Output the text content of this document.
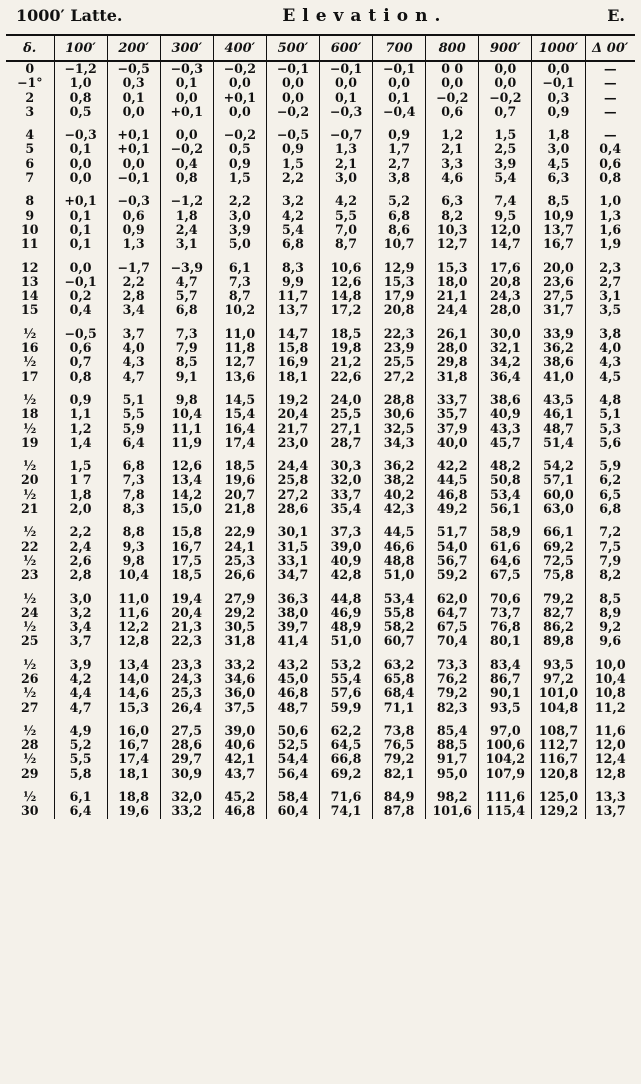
1000′ Latte.	Elevation.	E.
δ.	100′	200′	300′	400′	500′	600′	700	800	900′	1000′	Δ 00′
0	−1,2	−0,5	−0,3	−0,2	−0,1	−0,1	−0,1	0 0	0,0	0,0	—
−1°	1,0	0,3	0,1	0,0	0,0	0,0	0,0	0,0	0,0	−0,1	—
2	0,8	0,1	0,0	+0,1	0,0	0,1	0,1	−0,2	−0,2	0,3	—
3	0,5	0,0	+0,1	0,0	−0,2	−0,3	−0,4	0,6	0,7	0,9	—

4	−0,3	+0,1	0,0	−0,2	−0,5	−0,7	0,9	1,2	1,5	1,8	—
5	0,1	+0,1	−0,2	0,5	0,9	1,3	1,7	2,1	2,5	3,0	0,4
6	0,0	0,0	0,4	0,9	1,5	2,1	2,7	3,3	3,9	4,5	0,6
7	0,0	−0,1	0,8	1,5	2,2	3,0	3,8	4,6	5,4	6,3	0,8

8	+0,1	−0,3	−1,2	2,2	3,2	4,2	5,2	6,3	7,4	8,5	1,0
9	0,1	0,6	1,8	3,0	4,2	5,5	6,8	8,2	9,5	10,9	1,3
10	0,1	0,9	2,4	3,9	5,4	7,0	8,6	10,3	12,0	13,7	1,6
11	0,1	1,3	3,1	5,0	6,8	8,7	10,7	12,7	14,7	16,7	1,9

12	0,0	−1,7	−3,9	6,1	8,3	10,6	12,9	15,3	17,6	20,0	2,3
13	−0,1	2,2	4,7	7,3	9,9	12,6	15,3	18,0	20,8	23,6	2,7
14	0,2	2,8	5,7	8,7	11,7	14,8	17,9	21,1	24,3	27,5	3,1
15	0,4	3,4	6,8	10,2	13,7	17,2	20,8	24,4	28,0	31,7	3,5

½	−0,5	3,7	7,3	11,0	14,7	18,5	22,3	26,1	30,0	33,9	3,8
16	0,6	4,0	7,9	11,8	15,8	19,8	23,9	28,0	32,1	36,2	4,0
½	0,7	4,3	8,5	12,7	16,9	21,2	25,5	29,8	34,2	38,6	4,3
17	0,8	4,7	9,1	13,6	18,1	22,6	27,2	31,8	36,4	41,0	4,5

½	0,9	5,1	9,8	14,5	19,2	24,0	28,8	33,7	38,6	43,5	4,8
18	1,1	5,5	10,4	15,4	20,4	25,5	30,6	35,7	40,9	46,1	5,1
½	1,2	5,9	11,1	16,4	21,7	27,1	32,5	37,9	43,3	48,7	5,3
19	1,4	6,4	11,9	17,4	23,0	28,7	34,3	40,0	45,7	51,4	5,6

½	1,5	6,8	12,6	18,5	24,4	30,3	36,2	42,2	48,2	54,2	5,9
20	1 7	7,3	13,4	19,6	25,8	32,0	38,2	44,5	50,8	57,1	6,2
½	1,8	7,8	14,2	20,7	27,2	33,7	40,2	46,8	53,4	60,0	6,5
21	2,0	8,3	15,0	21,8	28,6	35,4	42,3	49,2	56,1	63,0	6,8

½	2,2	8,8	15,8	22,9	30,1	37,3	44,5	51,7	58,9	66,1	7,2
22	2,4	9,3	16,7	24,1	31,5	39,0	46,6	54,0	61,6	69,2	7,5
½	2,6	9,8	17,5	25,3	33,1	40,9	48,8	56,7	64,6	72,5	7,9
23	2,8	10,4	18,5	26,6	34,7	42,8	51,0	59,2	67,5	75,8	8,2

½	3,0	11,0	19,4	27,9	36,3	44,8	53,4	62,0	70,6	79,2	8,5
24	3,2	11,6	20,4	29,2	38,0	46,9	55,8	64,7	73,7	82,7	8,9
½	3,4	12,2	21,3	30,5	39,7	48,9	58,2	67,5	76,8	86,2	9,2
25	3,7	12,8	22,3	31,8	41,4	51,0	60,7	70,4	80,1	89,8	9,6

½	3,9	13,4	23,3	33,2	43,2	53,2	63,2	73,3	83,4	93,5	10,0
26	4,2	14,0	24,3	34,6	45,0	55,4	65,8	76,2	86,7	97,2	10,4
½	4,4	14,6	25,3	36,0	46,8	57,6	68,4	79,2	90,1	101,0	10,8
27	4,7	15,3	26,4	37,5	48,7	59,9	71,1	82,3	93,5	104,8	11,2

½	4,9	16,0	27,5	39,0	50,6	62,2	73,8	85,4	97,0	108,7	11,6
28	5,2	16,7	28,6	40,6	52,5	64,5	76,5	88,5	100,6	112,7	12,0
½	5,5	17,4	29,7	42,1	54,4	66,8	79,2	91,7	104,2	116,7	12,4
29	5,8	18,1	30,9	43,7	56,4	69,2	82,1	95,0	107,9	120,8	12,8

½	6,1	18,8	32,0	45,2	58,4	71,6	84,9	98,2	111,6	125,0	13,3
30	6,4	19,6	33,2	46,8	60,4	74,1	87,8	101,6	115,4	129,2	13,7
